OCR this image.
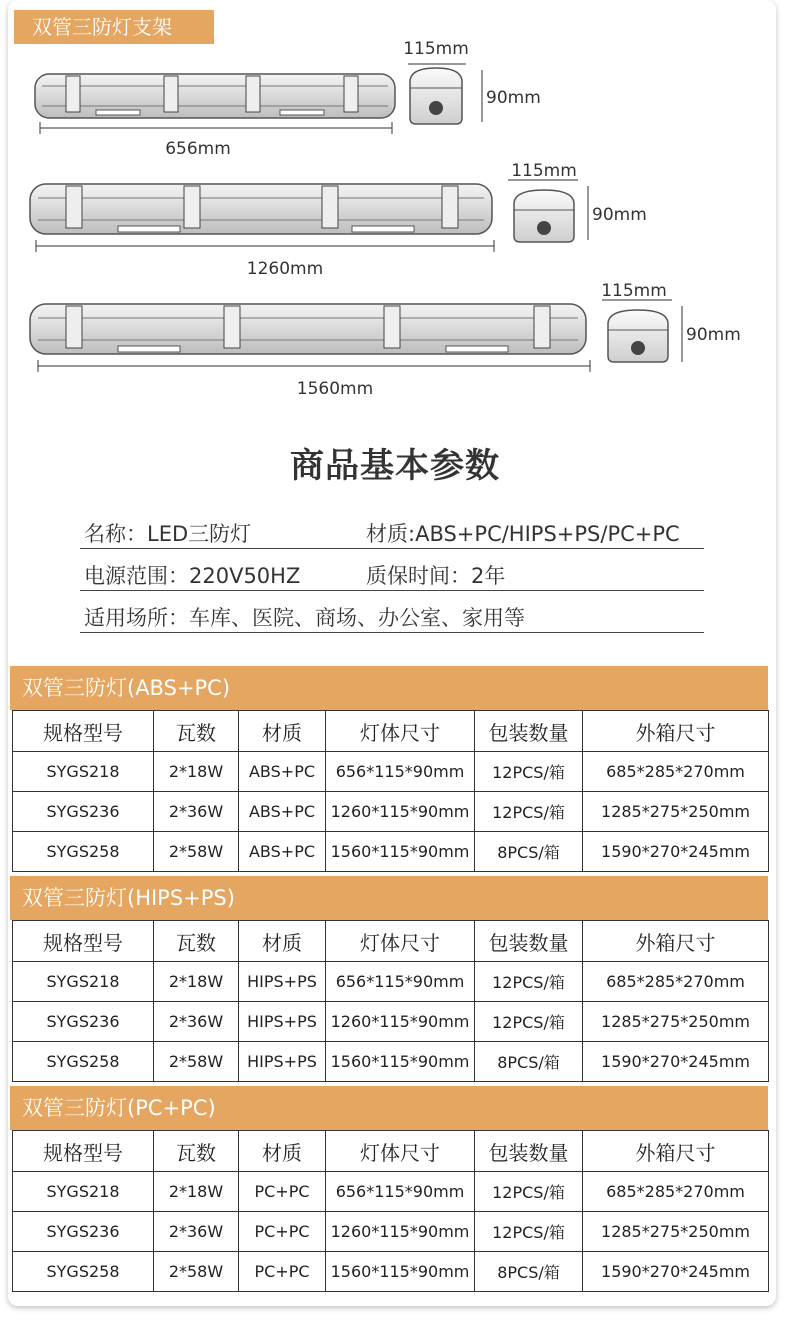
双管三防灯支架
656mm
115mm
90mm
1260mm
115mm
90mm
1560mm
115mm
90mm
商品基本参数
名称：LED三防灯	材质:ABS+PC/HIPS+PS/PC+PC
电源范围：220V50HZ	质保时间：2年
适用场所：车库、医院、商场、办公室、家用等
双管三防灯(ABS+PC)
规格型号	瓦数	材质	灯体尺寸	包装数量	外箱尺寸
SYGS218	2*18W	ABS+PC	656*115*90mm	12PCS/箱	685*285*270mm
SYGS236	2*36W	ABS+PC	1260*115*90mm	12PCS/箱	1285*275*250mm
SYGS258	2*58W	ABS+PC	1560*115*90mm	8PCS/箱	1590*270*245mm
双管三防灯(HIPS+PS)
规格型号	瓦数	材质	灯体尺寸	包装数量	外箱尺寸
SYGS218	2*18W	HIPS+PS	656*115*90mm	12PCS/箱	685*285*270mm
SYGS236	2*36W	HIPS+PS	1260*115*90mm	12PCS/箱	1285*275*250mm
SYGS258	2*58W	HIPS+PS	1560*115*90mm	8PCS/箱	1590*270*245mm
双管三防灯(PC+PC)
规格型号	瓦数	材质	灯体尺寸	包装数量	外箱尺寸
SYGS218	2*18W	PC+PC	656*115*90mm	12PCS/箱	685*285*270mm
SYGS236	2*36W	PC+PC	1260*115*90mm	12PCS/箱	1285*275*250mm
SYGS258	2*58W	PC+PC	1560*115*90mm	8PCS/箱	1590*270*245mm
